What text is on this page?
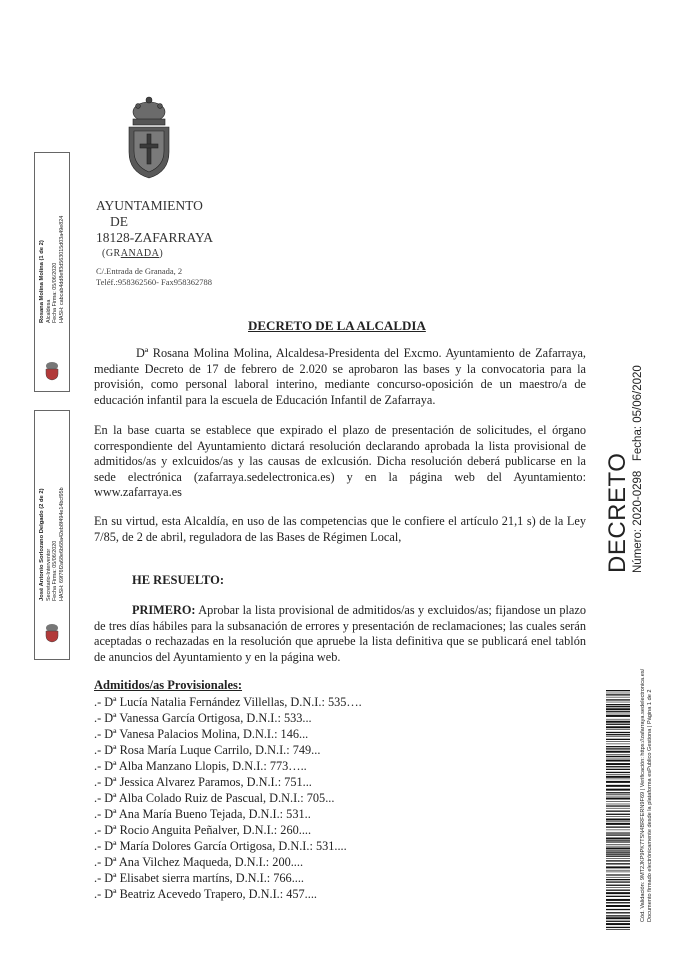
AYUNTAMIENTO
DE
18128-ZAFARRAYA
(GRANADA)
C/.Entrada de Granada, 2
Teléf.:958362560- Fax958362788
DECRETO DE LA ALCALDIA
Dª Rosana Molina Molina, Alcaldesa-Presidenta del Excmo. Ayuntamiento de Zafarraya, mediante Decreto de 17 de febrero de 2.020 se aprobaron las bases y la convocatoria para la provisión, como personal laboral interino, mediante concurso-oposición de un maestro/a de educación infantil para la escuela de Educación Infantil de Zafarraya.
En la base cuarta se establece que expirado el plazo de presentación de solicitudes, el órgano correspondiente del Ayuntamiento dictará resolución declarando aprobada la lista provisional de admitidos/as y exlcuidos/as y las causas de exlcusión. Dicha resolución deberá publicarse en la sede electrónica (zafarraya.sedelectronica.es) y en la página web del Ayuntamiento: www.zafarraya.es
En su virtud, esta Alcaldía, en uso de las competencias que le confiere el artículo 21,1 s) de la Ley 7/85, de 2 de abril, reguladora de las Bases de Régimen Local,
HE RESUELTO:
PRIMERO: Aprobar la lista provisional de admitidos/as y excluidos/as; fijandose un plazo de tres días hábiles para la subsanación de errores y presentación de reclamaciones; las cuales serán aceptadas o rechazadas en la resolución que apruebe la lista definitiva que se publicará enel tablón de anuncios del Ayuntamiento y en la página web.
Admitidos/as Provisionales:
.- Dª Lucía Natalia Fernández Villellas, D.N.I.: 535….
.- Dª Vanessa García Ortigosa, D.N.I.: 533...
.- Dª Vanesa Palacios Molina, D.N.I.: 146...
.- Dª Rosa María Luque Carrilo, D.N.I.: 749...
.- Dª Alba Manzano Llopis, D.N.I.: 773…..
.- Dª Jessica Alvarez Paramos, D.N.I.: 751...
.- Dª Alba Colado Ruiz de Pascual, D.N.I.: 705...
.- Dª Ana María Bueno Tejada, D.N.I.: 531..
.- Dª Rocio Anguita Peñalver, D.N.I.: 260....
.- Dª María Dolores García Ortigosa, D.N.I.: 531....
.- Dª Ana Vilchez Maqueda, D.N.I.: 200....
.- Dª Elisabet sierra martíns, D.N.I.: 766....
.- Dª Beatriz Acevedo Trapero, D.N.I.: 457....
Rosana Molina Molina (1 de 2) Alcaldesa Fecha Firma: 05/06/2020 HASH: cabcab4dd8eff3d563015d03a49e824
José Antonio Sorlozano Delgado (2 de 2) Secretario-Interventor Fecha Firma: 05/06/2020 HASH: 69f76f2a68e6b68a42eb8f494e14bcf95b	DECRETO Número: 2020-0298   Fecha: 05/06/2020
Cód. Validación: 9MT2JKP9PK7TSN4BRFERN9F69 | Verificación: https://zafarraya.sedelectronica.es/ Documento firmado electrónicamente desde la plataforma esPublico Gestiona | Página 1 de 2
